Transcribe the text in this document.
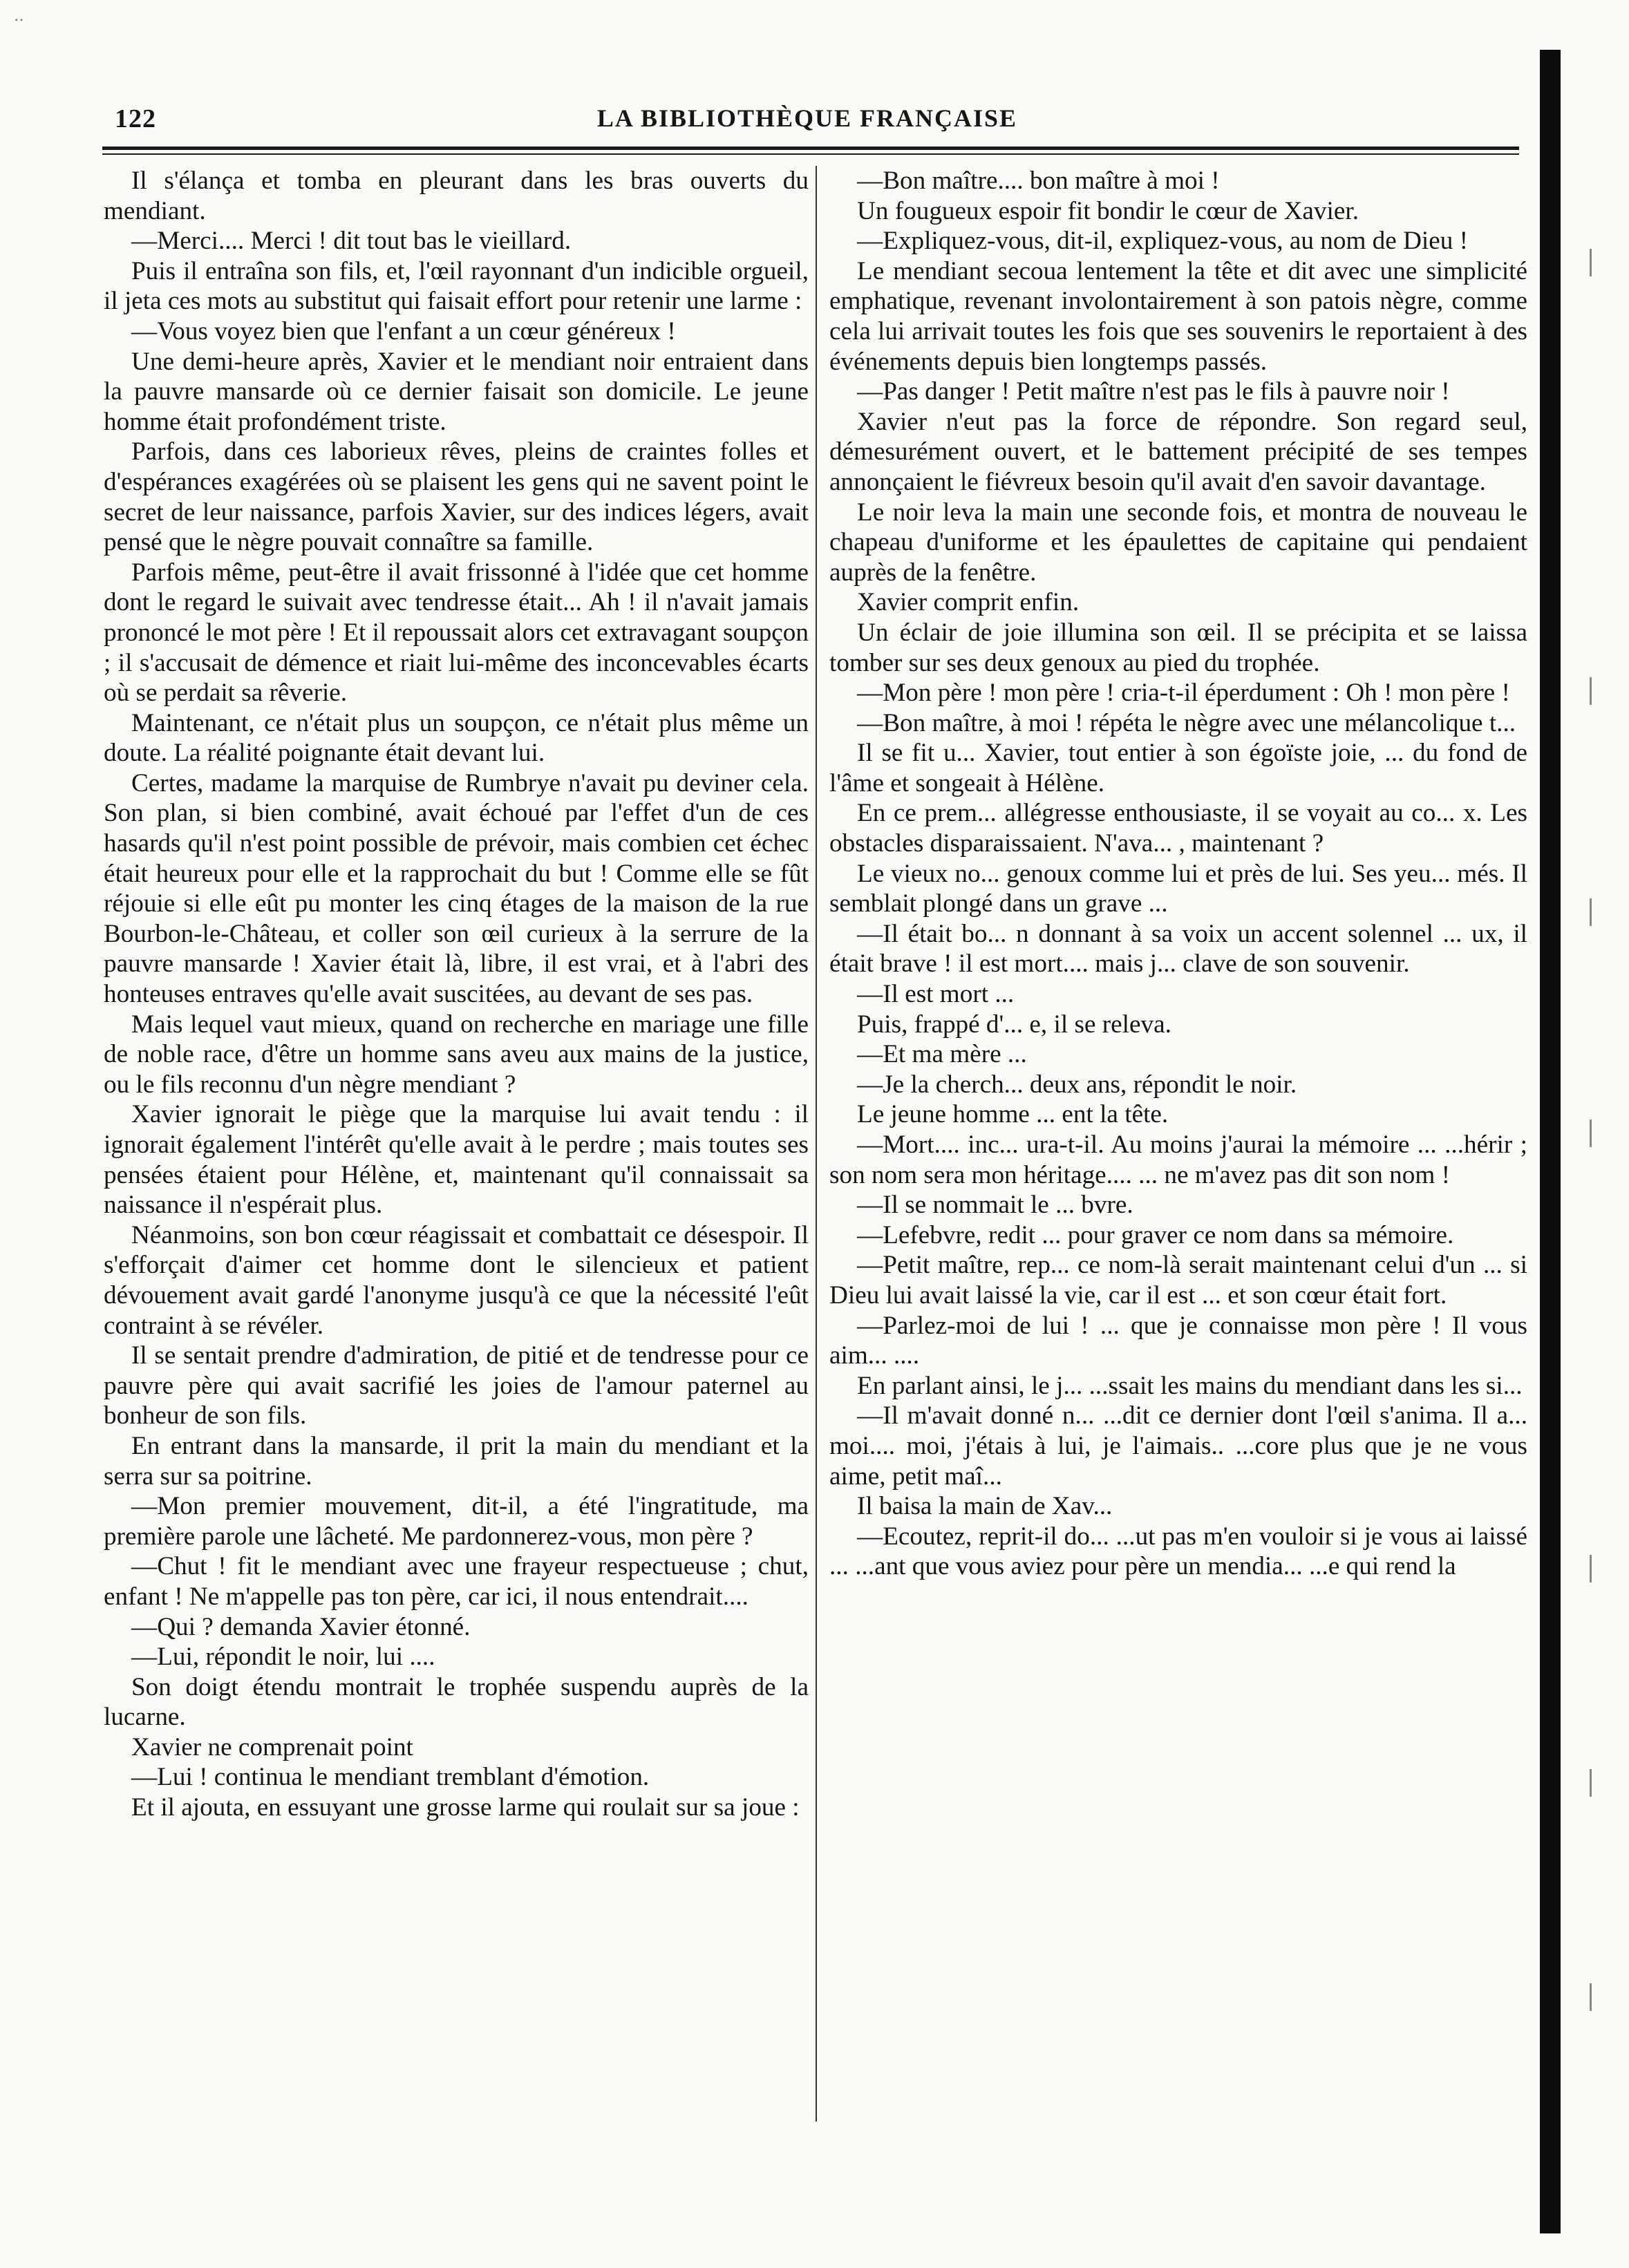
‥
122	LA BIBLIOTHÈQUE FRANÇAISE

Il s'élança et tomba en pleurant dans les bras ouverts du mendiant.

—Merci.... Merci ! dit tout bas le vieillard.

Puis il entraîna son fils, et, l'œil rayonnant d'un indicible orgueil, il jeta ces mots au substitut qui faisait effort pour retenir une larme :

—Vous voyez bien que l'enfant a un cœur généreux !

Une demi-heure après, Xavier et le mendiant noir entraient dans la pauvre mansarde où ce dernier faisait son domicile. Le jeune homme était profondément triste.

Parfois, dans ces laborieux rêves, pleins de craintes folles et d'espérances exagérées où se plaisent les gens qui ne savent point le secret de leur naissance, parfois Xavier, sur des indices légers, avait pensé que le nègre pouvait connaître sa famille.

Parfois même, peut-être il avait frissonné à l'idée que cet homme dont le regard le suivait avec tendresse était... Ah ! il n'avait jamais prononcé le mot père ! Et il repoussait alors cet extravagant soupçon ; il s'accusait de démence et riait lui-même des inconcevables écarts où se perdait sa rêverie.

Maintenant, ce n'était plus un soupçon, ce n'était plus même un doute. La réalité poignante était devant lui.

Certes, madame la marquise de Rumbrye n'avait pu deviner cela. Son plan, si bien combiné, avait échoué par l'effet d'un de ces hasards qu'il n'est point possible de prévoir, mais combien cet échec était heureux pour elle et la rapprochait du but ! Comme elle se fût réjouie si elle eût pu monter les cinq étages de la maison de la rue Bourbon-le-Château, et coller son œil curieux à la serrure de la pauvre mansarde ! Xavier était là, libre, il est vrai, et à l'abri des honteuses entraves qu'elle avait suscitées, au devant de ses pas.

Mais lequel vaut mieux, quand on recherche en mariage une fille de noble race, d'être un homme sans aveu aux mains de la justice, ou le fils reconnu d'un nègre mendiant ?

Xavier ignorait le piège que la marquise lui avait tendu : il ignorait également l'intérêt qu'elle avait à le perdre ; mais toutes ses pensées étaient pour Hélène, et, maintenant qu'il connaissait sa naissance il n'espérait plus.

Néanmoins, son bon cœur réagissait et combattait ce désespoir. Il s'efforçait d'aimer cet homme dont le silencieux et patient dévouement avait gardé l'anonyme jusqu'à ce que la nécessité l'eût contraint à se révéler.

Il se sentait prendre d'admiration, de pitié et de tendresse pour ce pauvre père qui avait sacrifié les joies de l'amour paternel au bonheur de son fils.

En entrant dans la mansarde, il prit la main du mendiant et la serra sur sa poitrine.

—Mon premier mouvement, dit-il, a été l'ingratitude, ma première parole une lâcheté. Me pardonnerez-vous, mon père ?

—Chut ! fit le mendiant avec une frayeur respectueuse ; chut, enfant ! Ne m'appelle pas ton père, car ici, il nous entendrait....

—Qui ? demanda Xavier étonné.

—Lui, répondit le noir, lui ....

Son doigt étendu montrait le trophée suspendu auprès de la lucarne.

Xavier ne comprenait point

—Lui ! continua le mendiant tremblant d'émotion.

Et il ajouta, en essuyant une grosse larme qui roulait sur sa joue :

—Bon maître.... bon maître à moi !

Un fougueux espoir fit bondir le cœur de Xavier.

—Expliquez-vous, dit-il, expliquez-vous, au nom de Dieu !

Le mendiant secoua lentement la tête et dit avec une simplicité emphatique, revenant involontairement à son patois nègre, comme cela lui arrivait toutes les fois que ses souvenirs le reportaient à des événements depuis bien longtemps passés.

—Pas danger ! Petit maître n'est pas le fils à pauvre noir !

Xavier n'eut pas la force de répondre. Son regard seul, démesurément ouvert, et le battement précipité de ses tempes annonçaient le fiévreux besoin qu'il avait d'en savoir davantage.

Le noir leva la main une seconde fois, et montra de nouveau le chapeau d'uniforme et les épaulettes de capitaine qui pendaient auprès de la fenêtre.

Xavier comprit enfin.

Un éclair de joie illumina son œil. Il se précipita et se laissa tomber sur ses deux genoux au pied du trophée.

—Mon père ! mon père ! cria-t-il éperdument : Oh ! mon père !

—Bon maître, à moi ! répéta le nègre avec une mélancolique t...

Il se fit u... Xavier, tout entier à son égoïste joie, ... du fond de l'âme et songeait à Hélène.

En ce prem... allégresse enthousiaste, il se voyait au co... x. Les obstacles disparaissaient. N'ava... , maintenant ?

Le vieux no... genoux comme lui et près de lui. Ses yeu... més. Il semblait plongé dans un grave ...

—Il était bo... n donnant à sa voix un accent solennel ... ux, il était brave ! il est mort.... mais j... clave de son souvenir.

—Il est mort ...

Puis, frappé d'... e, il se releva.

—Et ma mère ...

—Je la cherch... deux ans, répondit le noir.

Le jeune homme ... ent la tête.

—Mort.... inc... ura-t-il. Au moins j'aurai la mémoire ... ...hérir ; son nom sera mon héritage.... ... ne m'avez pas dit son nom !

—Il se nommait le ... bvre.

—Lefebvre, redit ... pour graver ce nom dans sa mémoire.

—Petit maître, rep... ce nom-là serait maintenant celui d'un ... si Dieu lui avait laissé la vie, car il est ... et son cœur était fort.

—Parlez-moi de lui ! ... que je connaisse mon père ! Il vous aim... ....

En parlant ainsi, le j... ...ssait les mains du mendiant dans les si...

—Il m'avait donné n... ...dit ce dernier dont l'œil s'anima. Il a... moi.... moi, j'étais à lui, je l'aimais.. ...core plus que je ne vous aime, petit maî...

Il baisa la main de Xav...

—Ecoutez, reprit-il do... ...ut pas m'en vouloir si je vous ai laissé ... ...ant que vous aviez pour père un mendia... ...e qui rend la
